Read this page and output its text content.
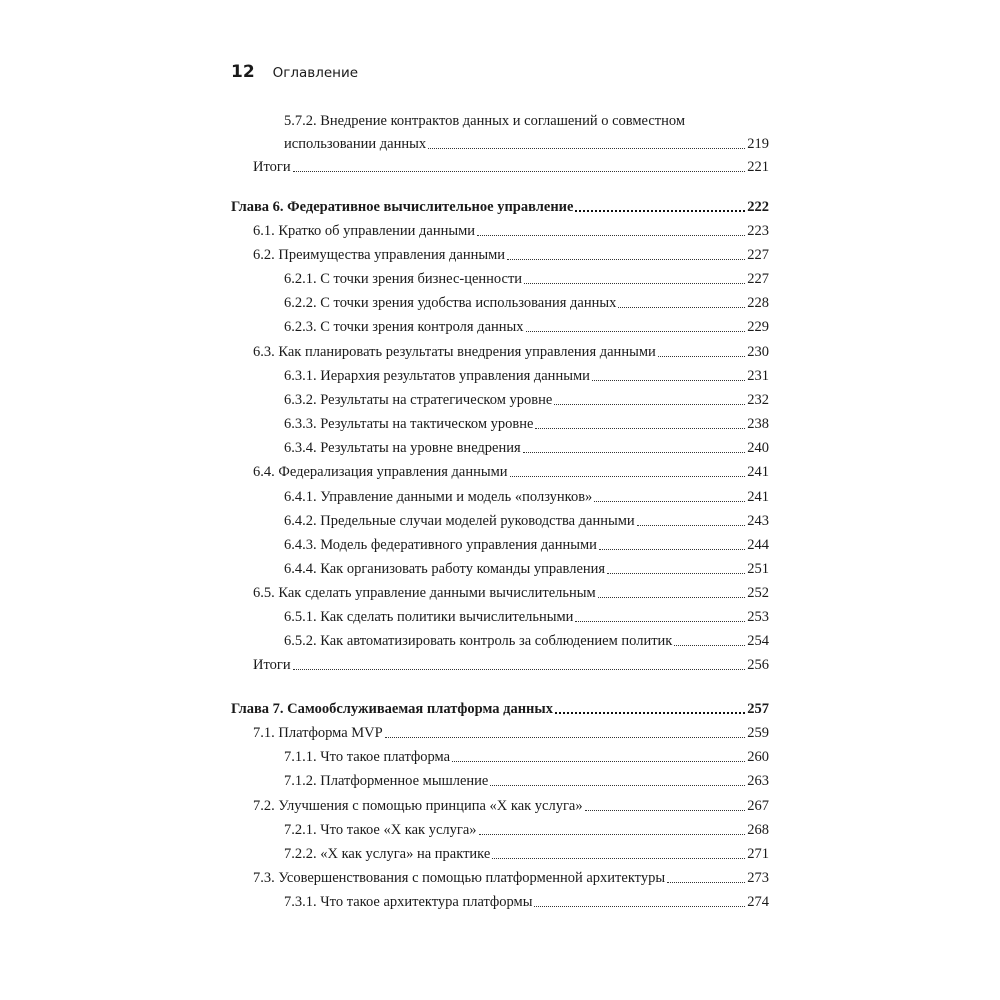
12 Оглавление
5.7.2. Внедрение контрактов данных и соглашений о совместном
использовании данных	219
Итоги	221
Глава 6. Федеративное вычислительное управление	222
6.1. Кратко об управлении данными	223
6.2. Преимущества управления данными	227
6.2.1. С точки зрения бизнес-ценности	227
6.2.2. С точки зрения удобства использования данных	228
6.2.3. С точки зрения контроля данных	229
6.3. Как планировать результаты внедрения управления данными	230
6.3.1. Иерархия результатов управления данными	231
6.3.2. Результаты на стратегическом уровне	232
6.3.3. Результаты на тактическом уровне	238
6.3.4. Результаты на уровне внедрения	240
6.4. Федерализация управления данными	241
6.4.1. Управление данными и модель «ползунков»	241
6.4.2. Предельные случаи моделей руководства данными	243
6.4.3. Модель федеративного управления данными	244
6.4.4. Как организовать работу команды управления	251
6.5. Как сделать управление данными вычислительным	252
6.5.1. Как сделать политики вычислительными	253
6.5.2. Как автоматизировать контроль за соблюдением политик	254
Итоги	256
Глава 7. Самообслуживаемая платформа данных	257
7.1. Платформа MVP	259
7.1.1. Что такое платформа	260
7.1.2. Платформенное мышление	263
7.2. Улучшения с помощью принципа «X как услуга»	267
7.2.1. Что такое «X как услуга»	268
7.2.2. «X как услуга» на практике	271
7.3. Усовершенствования с помощью платформенной архитектуры	273
7.3.1. Что такое архитектура платформы	274
